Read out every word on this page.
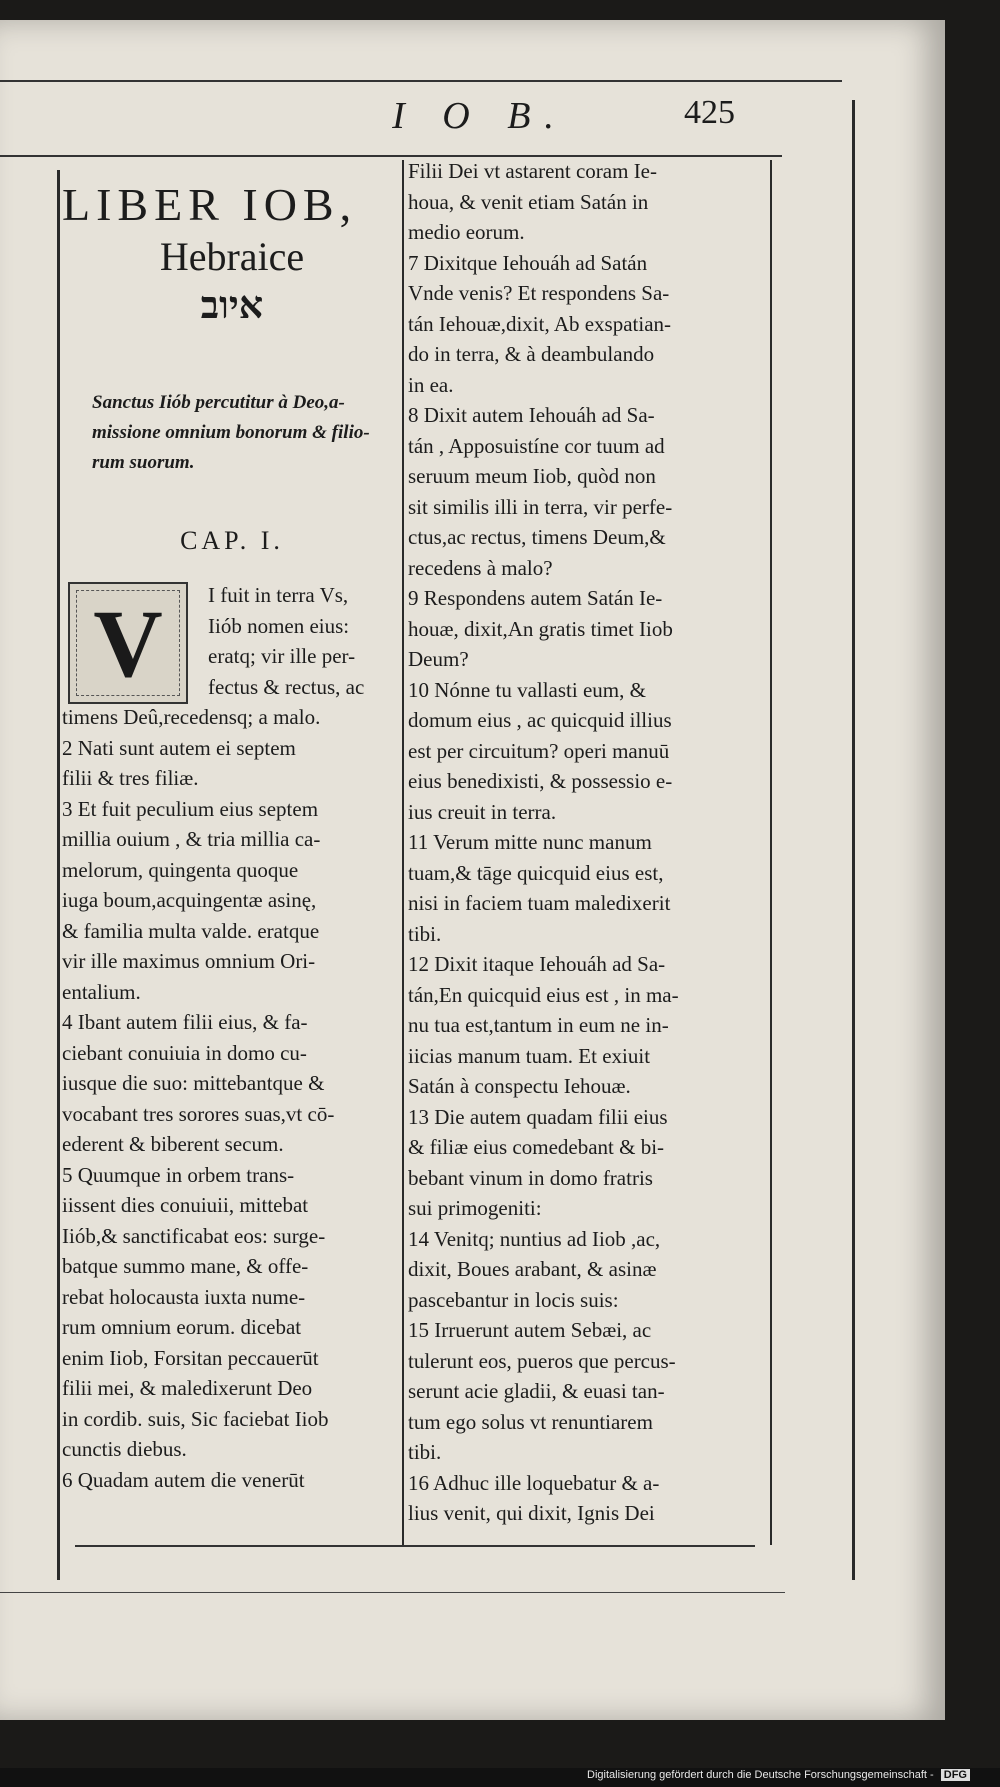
I O B.	425
LIBER IOB,
Hebraice
איוב
Sanctus Iiób percutitur à Deo,a-
missione omnium bonorum & filio-
rum suorum.
CAP. I.
V	I fuit in terra Vs,
Iiób nomen eius:
eratq; vir ille per-
fectus & rectus, ac
timens Deû,recedensq; a malo.
2 Nati sunt autem ei septem
filii & tres filiæ.
3 Et fuit peculium eius septem
millia ouium , & tria millia ca-
melorum, quingenta quoque
iuga boum,acquingentæ asinę,
& familia multa valde. eratque
vir ille maximus omnium Ori-
entalium.
4 Ibant autem filii eius, & fa-
ciebant conuiuia in domo cu-
iusque die suo: mittebantque &
vocabant tres sorores suas,vt cō-
ederent & biberent secum.
5 Quumque in orbem trans-
iissent dies conuiuii, mittebat
Iiób,& sanctificabat eos: surge-
batque summo mane, & offe-
rebat holocausta iuxta nume-
rum omnium eorum. dicebat
enim Iiob, Forsitan peccauerūt
filii mei, & maledixerunt Deo
in cordib. suis, Sic faciebat Iiob
cunctis diebus.
6 Quadam autem die venerūt
Filii Dei vt astarent coram Ie-
houa, & venit etiam Satán in
medio eorum.
7 Dixitque Iehouáh ad Satán
Vnde venis? Et respondens Sa-
tán Iehouæ,dixit, Ab exspatian-
do in terra, & à deambulando
in ea.
8 Dixit autem Iehouáh ad Sa-
tán , Apposuistíne cor tuum ad
seruum meum Iiob, quòd non
sit similis illi in terra, vir perfe-
ctus,ac rectus, timens Deum,&
recedens à malo?
9 Respondens autem Satán Ie-
houæ, dixit,An gratis timet Iiob
Deum?
10 Nónne tu vallasti eum, &
domum eius , ac quicquid illius
est per circuitum? operi manuū
eius benedixisti, & possessio e-
ius creuit in terra.
11 Verum mitte nunc manum
tuam,& tāge quicquid eius est,
nisi in faciem tuam maledixerit
tibi.
12 Dixit itaque Iehouáh ad Sa-
tán,En quicquid eius est , in ma-
nu tua est,tantum in eum ne in-
iicias manum tuam. Et exiuit
Satán à conspectu Iehouæ.
13 Die autem quadam filii eius
& filiæ eius comedebant & bi-
bebant vinum in domo fratris
sui primogeniti:
14 Venitq; nuntius ad Iiob ,ac,
dixit, Boues arabant, & asinæ
pascebantur in locis suis:
15 Irruerunt autem Sebæi, ac
tulerunt eos, pueros que percus-
serunt acie gladii, & euasi tan-
tum ego solus vt renuntiarem
tibi.
16 Adhuc ille loquebatur & a-
lius venit, qui dixit, Ignis Dei
Digitalisierung gefördert durch die Deutsche Forschungsgemeinschaft - DFG
